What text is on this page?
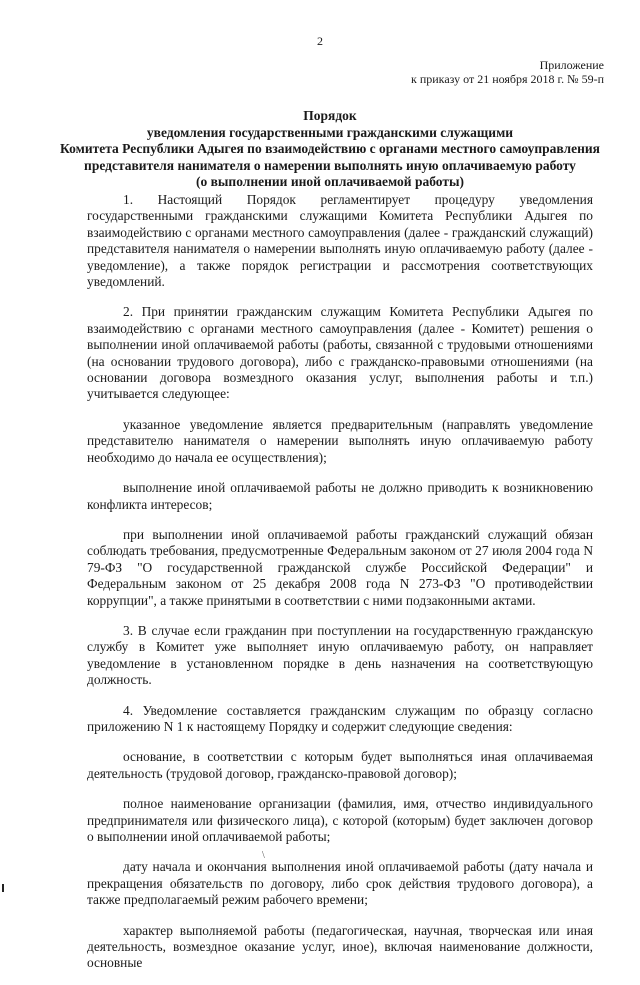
2
Приложение
к приказу от 21 ноября 2018 г. № 59-п
Порядок
уведомления государственными гражданскими служащими
Комитета Республики Адыгея по взаимодействию с органами местного самоуправления
представителя нанимателя о намерении выполнять иную оплачиваемую работу
(о выполнении иной оплачиваемой работы)

1. Настоящий Порядок регламентирует процедуру уведомления государственными гражданскими служащими Комитета Республики Адыгея по взаимодействию с органами местного самоуправления (далее - гражданский служащий) представителя нанимателя о намерении выполнять иную оплачиваемую работу (далее - уведомление), а также порядок регистрации и рассмотрения соответствующих уведомлений.

2. При принятии гражданским служащим Комитета Республики Адыгея по взаимодействию с органами местного самоуправления (далее - Комитет) решения о выполнении иной оплачиваемой работы (работы, связанной с трудовыми отношениями (на основании трудового договора), либо с гражданско-правовыми отношениями (на основании договора возмездного оказания услуг, выполнения работы и т.п.) учитывается следующее:

указанное уведомление является предварительным (направлять уведомление представителю нанимателя о намерении выполнять иную оплачиваемую работу необходимо до начала ее осуществления);

выполнение иной оплачиваемой работы не должно приводить к возникновению конфликта интересов;

при выполнении иной оплачиваемой работы гражданский служащий обязан соблюдать требования, предусмотренные Федеральным законом от 27 июля 2004 года N 79-ФЗ "О государственной гражданской службе Российской Федерации" и Федеральным законом от 25 декабря 2008 года N 273-ФЗ "О противодействии коррупции", а также принятыми в соответствии с ними подзаконными актами.

3. В случае если гражданин при поступлении на государственную гражданскую службу в Комитет уже выполняет иную оплачиваемую работу, он направляет уведомление в установленном порядке в день назначения на соответствующую должность.

4. Уведомление составляется гражданским служащим по образцу согласно приложению N 1 к настоящему Порядку и содержит следующие сведения:

основание, в соответствии с которым будет выполняться иная оплачиваемая деятельность (трудовой договор, гражданско-правовой договор);

полное наименование организации (фамилия, имя, отчество индивидуального предпринимателя или физического лица), с которой (которым) будет заключен договор о выполнении иной оплачиваемой работы;

дату начала и окончания выполнения иной оплачиваемой работы (дату начала и прекращения обязательств по договору, либо срок действия трудового договора), а также предполагаемый режим рабочего времени;

характер выполняемой работы (педагогическая, научная, творческая или иная деятельность, возмездное оказание услуг, иное), включая наименование должности, основные

\
